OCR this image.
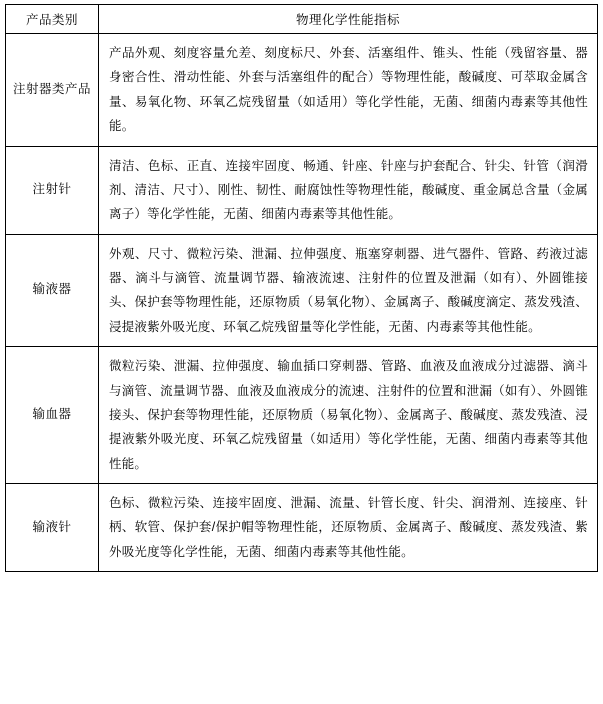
产品类别	物理化学性能指标
注射器类产品	产品外观、刻度容量允差、刻度标尺、外套、活塞组件、锥头、性能（残留容量、器身密合性、滑动性能、外套与活塞组件的配合）等物理性能，酸碱度、可萃取金属含量、易氧化物、环氧乙烷残留量（如适用）等化学性能，无菌、细菌内毒素等其他性能。
注射针	清洁、色标、正直、连接牢固度、畅通、针座、针座与护套配合、针尖、针管（润滑剂、清洁、尺寸）、刚性、韧性、耐腐蚀性等物理性能，酸碱度、重金属总含量（金属离子）等化学性能，无菌、细菌内毒素等其他性能。
输液器	外观、尺寸、微粒污染、泄漏、拉伸强度、瓶塞穿刺器、进气器件、管路、药液过滤器、滴斗与滴管、流量调节器、输液流速、注射件的位置及泄漏（如有）、外圆锥接头、保护套等物理性能，还原物质（易氧化物）、金属离子、酸碱度滴定、蒸发残渣、浸提液紫外吸光度、环氧乙烷残留量等化学性能，无菌、内毒素等其他性能。
输血器	微粒污染、泄漏、拉伸强度、输血插口穿刺器、管路、血液及血液成分过滤器、滴斗与滴管、流量调节器、血液及血液成分的流速、注射件的位置和泄漏（如有）、外圆锥接头、保护套等物理性能，还原物质（易氧化物）、金属离子、酸碱度、蒸发残渣、浸提液紫外吸光度、环氧乙烷残留量（如适用）等化学性能，无菌、细菌内毒素等其他性能。
输液针	色标、微粒污染、连接牢固度、泄漏、流量、针管长度、针尖、润滑剂、连接座、针柄、软管、保护套/保护帽等物理性能，还原物质、金属离子、酸碱度、蒸发残渣、紫外吸光度等化学性能，无菌、细菌内毒素等其他性能。
